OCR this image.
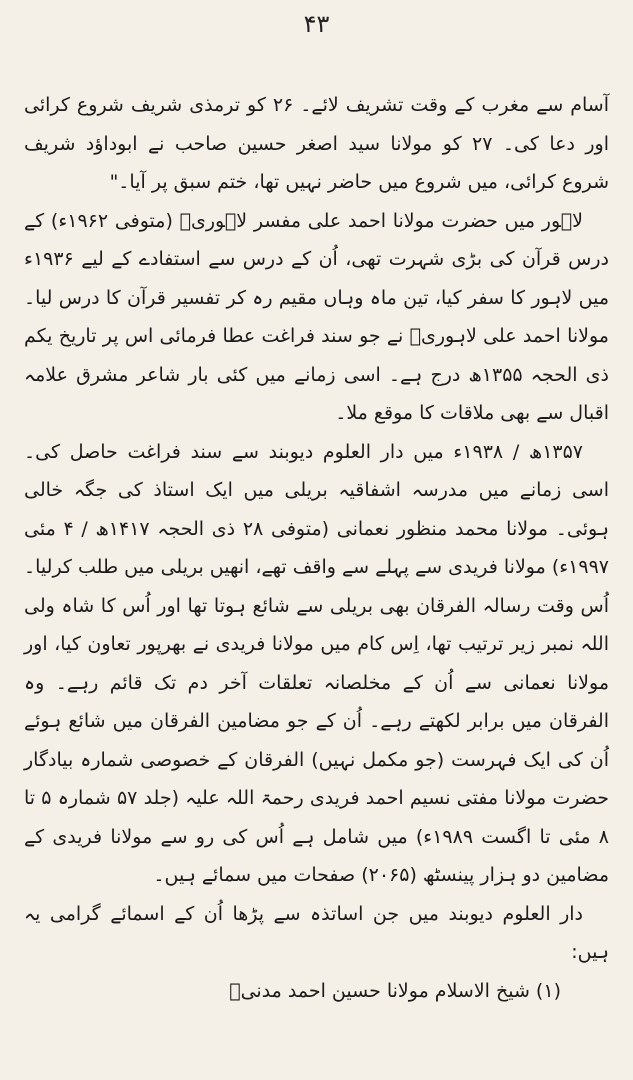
۴۳

آسام سے مغرب کے وقت تشریف لائے۔ ۲۶ کو ترمذی شریف شروع کرائی اور دعا کی۔ ۲۷ کو مولانا سید اصغر حسین صاحب نے ابوداؤد شریف شروع کرائی، میں شروع میں حاضر نہیں تھا، ختم سبق پر آیا۔"

لاہور میں حضرت مولانا احمد علی مفسر لاہوریؒ (متوفی ۱۹۶۲ء) کے درس قرآن کی بڑی شہرت تھی، اُن کے درس سے استفادے کے لیے ۱۹۳۶ء میں لاہور کا سفر کیا، تین ماہ وہاں مقیم رہ کر تفسیر قرآن کا درس لیا۔ مولانا احمد علی لاہوریؒ نے جو سند فراغت عطا فرمائی اس پر تاریخ یکم ذی الحجہ ۱۳۵۵ھ درج ہے۔ اسی زمانے میں کئی بار شاعر مشرق علامہ اقبال سے بھی ملاقات کا موقع ملا۔

۱۳۵۷ھ / ۱۹۳۸ء میں دار العلوم دیوبند سے سند فراغت حاصل کی۔ اسی زمانے میں مدرسہ اشفاقیہ بریلی میں ایک استاذ کی جگہ خالی ہوئی۔ مولانا محمد منظور نعمانی (متوفی ۲۸ ذی الحجہ ۱۴۱۷ھ / ۴ مئی ۱۹۹۷ء) مولانا فریدی سے پہلے سے واقف تھے، انھیں بریلی میں طلب کرلیا۔ اُس وقت رسالہ الفرقان بھی بریلی سے شائع ہوتا تھا اور اُس کا شاہ ولی اللہ نمبر زیر ترتیب تھا، اِس کام میں مولانا فریدی نے بھرپور تعاون کیا، اور مولانا نعمانی سے اُن کے مخلصانہ تعلقات آخر دم تک قائم رہے۔ وہ الفرقان میں برابر لکھتے رہے۔ اُن کے جو مضامین الفرقان میں شائع ہوئے اُن کی ایک فہرست (جو مکمل نہیں) الفرقان کے خصوصی شمارہ بیادگار حضرت مولانا مفتی نسیم احمد فریدی رحمۃ اللہ علیہ (جلد ۵۷ شمارہ ۵ تا ۸ مئی تا اگست ۱۹۸۹ء) میں شامل ہے اُس کی رو سے مولانا فریدی کے مضامین دو ہزار پینسٹھ (۲۰۶۵) صفحات میں سمائے ہیں۔

دار العلوم دیوبند میں جن اساتذہ سے پڑھا اُن کے اسمائے گرامی یہ ہیں:

(۱) شیخ الاسلام مولانا حسین احمد مدنیؒ
